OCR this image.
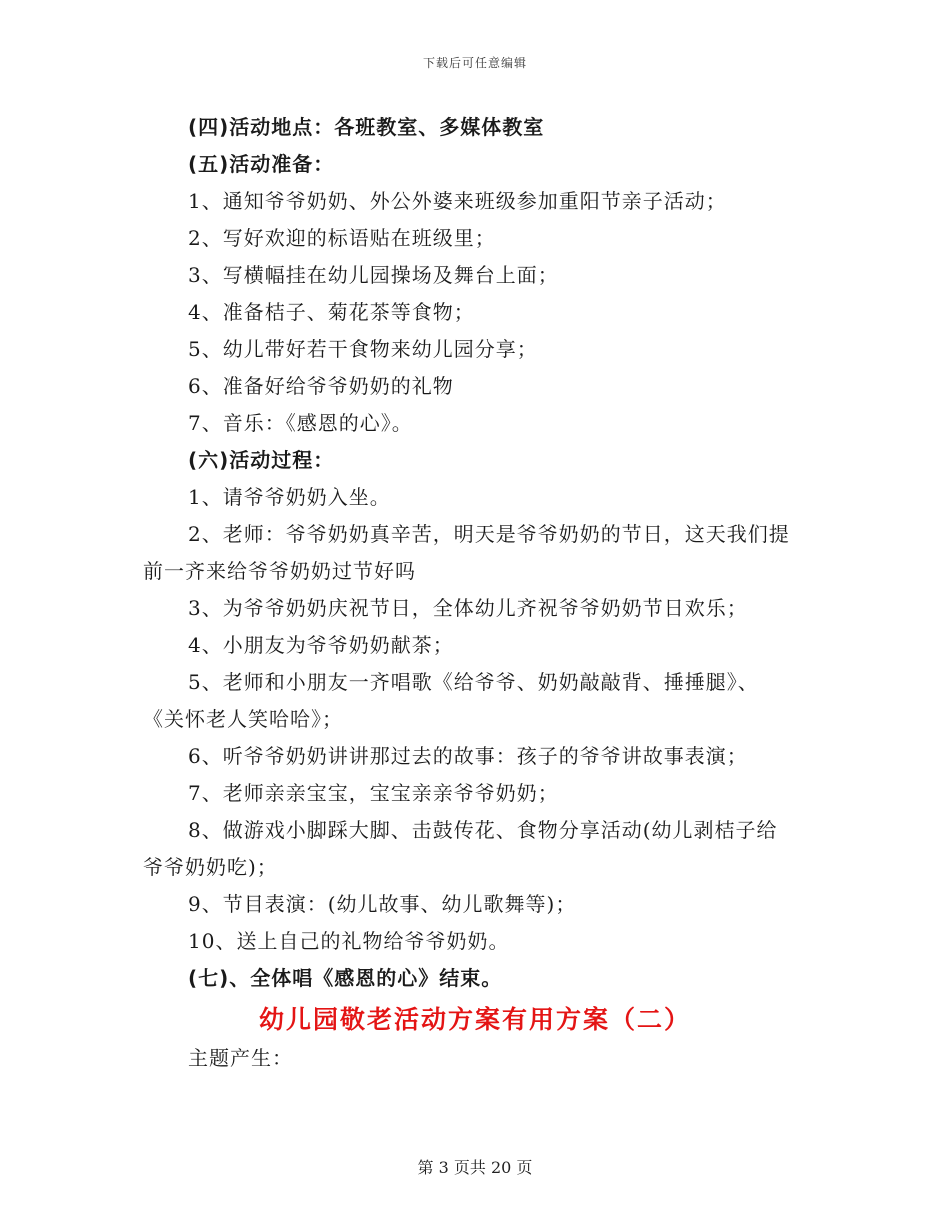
下载后可任意编辑
(四)活动地点：各班教室、多媒体教室
(五)活动准备：
1、通知爷爷奶奶、外公外婆来班级参加重阳节亲子活动；
2、写好欢迎的标语贴在班级里；
3、写横幅挂在幼儿园操场及舞台上面；
4、准备桔子、菊花茶等食物；
5、幼儿带好若干食物来幼儿园分享；
6、准备好给爷爷奶奶的礼物
7、音乐：《感恩的心》。
(六)活动过程：
1、请爷爷奶奶入坐。
2、老师：爷爷奶奶真辛苦，明天是爷爷奶奶的节日，这天我们提
前一齐来给爷爷奶奶过节好吗
3、为爷爷奶奶庆祝节日，全体幼儿齐祝爷爷奶奶节日欢乐；
4、小朋友为爷爷奶奶献茶；
5、老师和小朋友一齐唱歌《给爷爷、奶奶敲敲背、捶捶腿》、
《关怀老人笑哈哈》；
6、听爷爷奶奶讲讲那过去的故事：孩子的爷爷讲故事表演；
7、老师亲亲宝宝，宝宝亲亲爷爷奶奶；
8、做游戏小脚踩大脚、击鼓传花、食物分享活动(幼儿剥桔子给
爷爷奶奶吃)；
9、节目表演：(幼儿故事、幼儿歌舞等)；
10、送上自己的礼物给爷爷奶奶。
(七)、全体唱《感恩的心》结束。
幼儿园敬老活动方案有用方案（二）
主题产生：
第 3 页共 20 页
